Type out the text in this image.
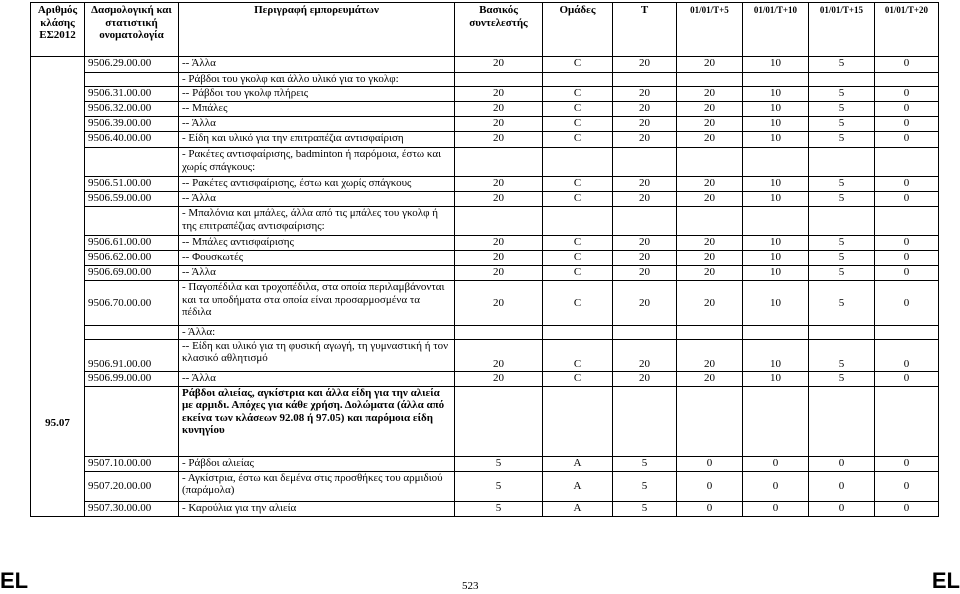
Αριθμός κλάσης ΕΣ2012	Δασμολογική και στατιστική ονοματολογία	Περιγραφή εμπορευμάτων	Βασικός συντελεστής	Ομάδες	T	01/01/T+5	01/01/T+10	01/01/T+15	01/01/T+20
95.07	9506.29.00.00	-- Άλλα	20	C	20	20	10	5	0
		- Ράβδοι του γκολφ και άλλο υλικό για το γκολφ:							
	9506.31.00.00	-- Ράβδοι του γκολφ πλήρεις	20	C	20	20	10	5	0
	9506.32.00.00	-- Μπάλες	20	C	20	20	10	5	0
	9506.39.00.00	-- Άλλα	20	C	20	20	10	5	0
	9506.40.00.00	- Είδη και υλικό για την επιτραπέζια αντισφαίριση	20	C	20	20	10	5	0
		- Ρακέτες αντισφαίρισης, badminton ή παρόμοια, έστω και χωρίς σπάγκους:							
	9506.51.00.00	-- Ρακέτες αντισφαίρισης, έστω και χωρίς σπάγκους	20	C	20	20	10	5	0
	9506.59.00.00	-- Άλλα	20	C	20	20	10	5	0
		- Μπαλόνια και μπάλες, άλλα από τις μπάλες του γκολφ ή της επιτραπέζιας αντισφαίρισης:							
	9506.61.00.00	-- Μπάλες αντισφαίρισης	20	C	20	20	10	5	0
	9506.62.00.00	-- Φουσκωτές	20	C	20	20	10	5	0
	9506.69.00.00	-- Άλλα	20	C	20	20	10	5	0
	9506.70.00.00	- Παγοπέδιλα και τροχοπέδιλα, στα οποία περιλαμβάνονται και τα υποδήματα στα οποία είναι προσαρμοσμένα τα πέδιλα	20	C	20	20	10	5	0
		- Άλλα:							
	9506.91.00.00	-- Είδη και υλικό για τη φυσική αγωγή, τη γυμναστική ή τον κλασικό αθλητισμό	20	C	20	20	10	5	0
	9506.99.00.00	-- Άλλα	20	C	20	20	10	5	0
		Ράβδοι αλιείας, αγκίστρια και άλλα είδη για την αλιεία με αρμιδι. Απόχες για κάθε χρήση. Δολώματα (άλλα από εκείνα των κλάσεων 92.08 ή 97.05) και παρόμοια είδη κυνηγίου							
	9507.10.00.00	- Ράβδοι αλιείας	5	A	5	0	0	0	0
	9507.20.00.00	- Αγκίστρια, έστω και δεμένα στις προσθήκες του αρμιδιού (παράμολα)	5	A	5	0	0	0	0
	9507.30.00.00	- Καρούλια για την αλιεία	5	A	5	0	0	0	0
EL	523	EL
